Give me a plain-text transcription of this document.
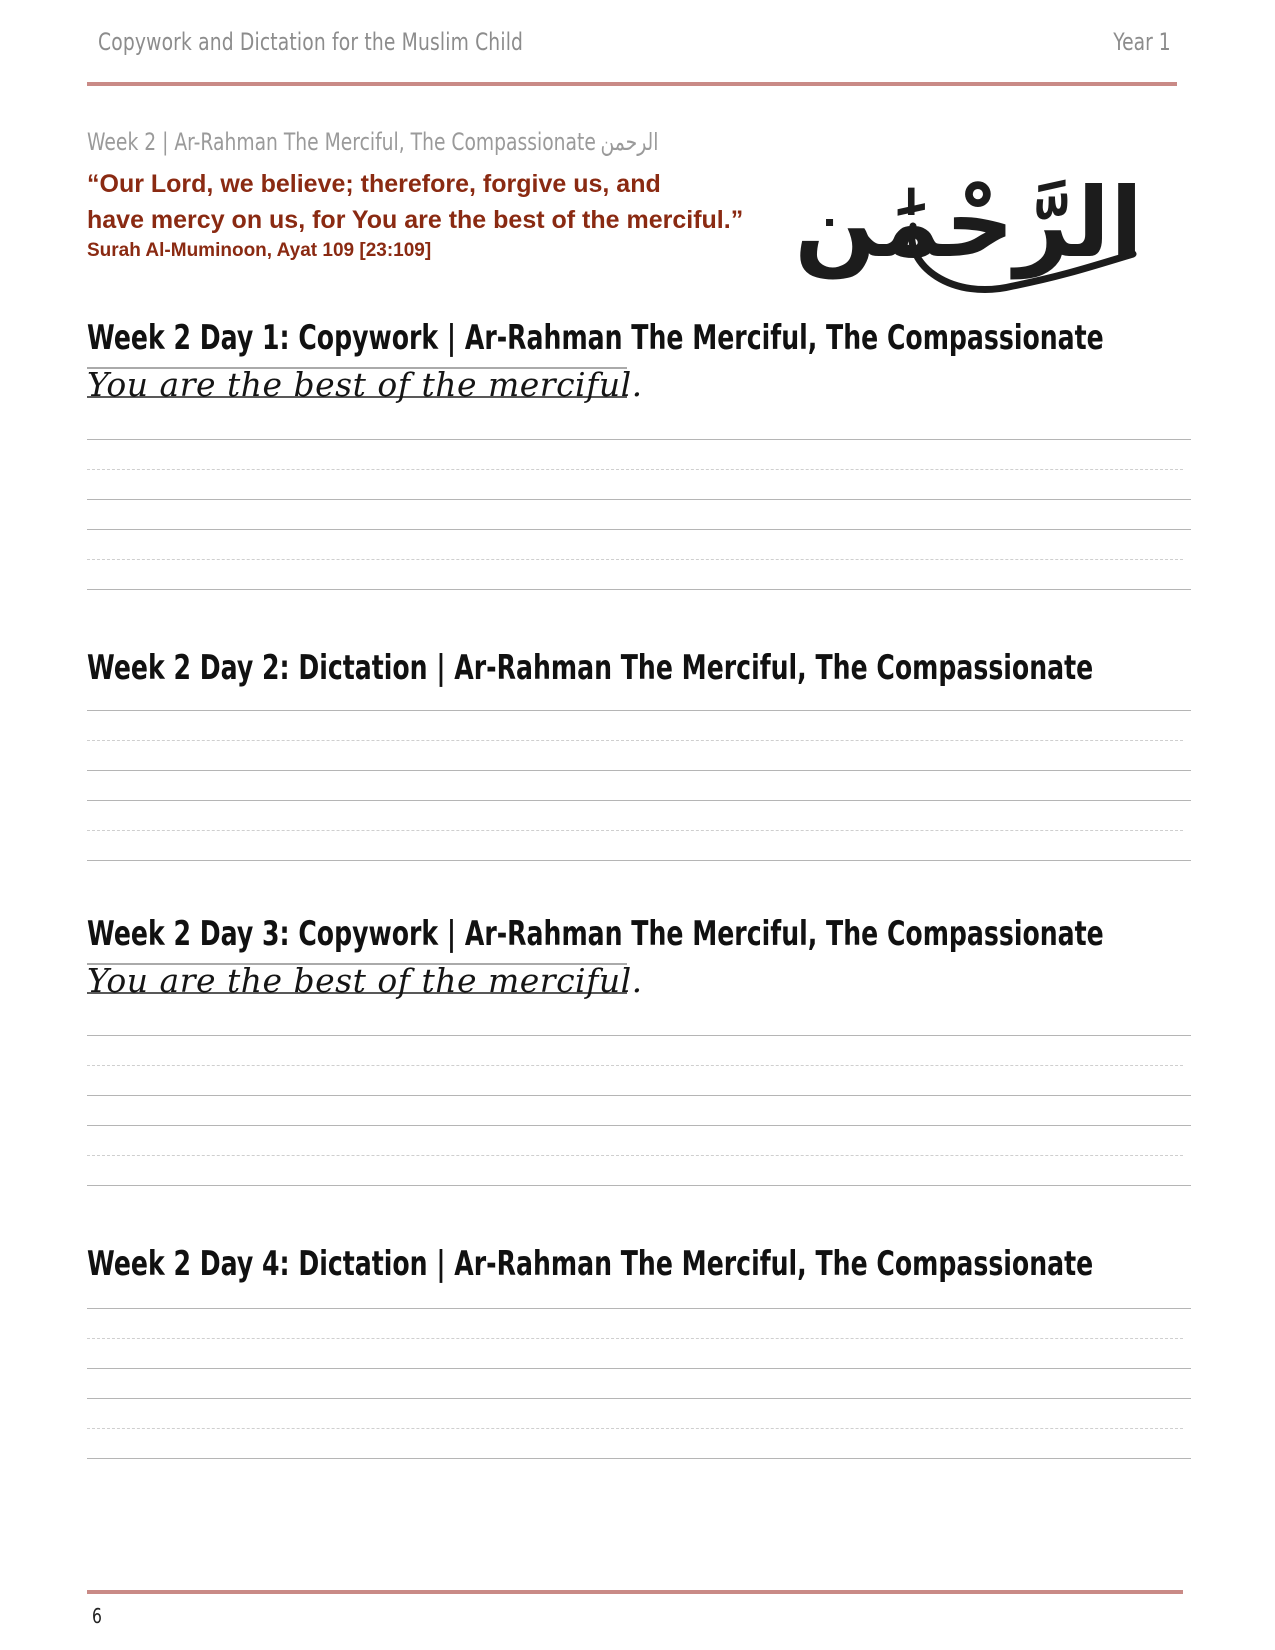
Copywork and Dictation for the Muslim Child	Year 1
Week 2 | Ar-Rahman The Merciful, The Compassionate الرحمن
“Our Lord, we believe; therefore, forgive us, and
have mercy on us, for You are the best of the merciful.”
Surah Al-Muminoon, Ayat 109 [23:109]	الرَّحْمَٰن
Week 2 Day 1: Copywork | Ar-Rahman The Merciful, The Compassionate
You are the best of the merciful.
Week 2 Day 2: Dictation | Ar-Rahman The Merciful, The Compassionate
Week 2 Day 3: Copywork | Ar-Rahman The Merciful, The Compassionate
You are the best of the merciful.
Week 2 Day 4: Dictation | Ar-Rahman The Merciful, The Compassionate
6
